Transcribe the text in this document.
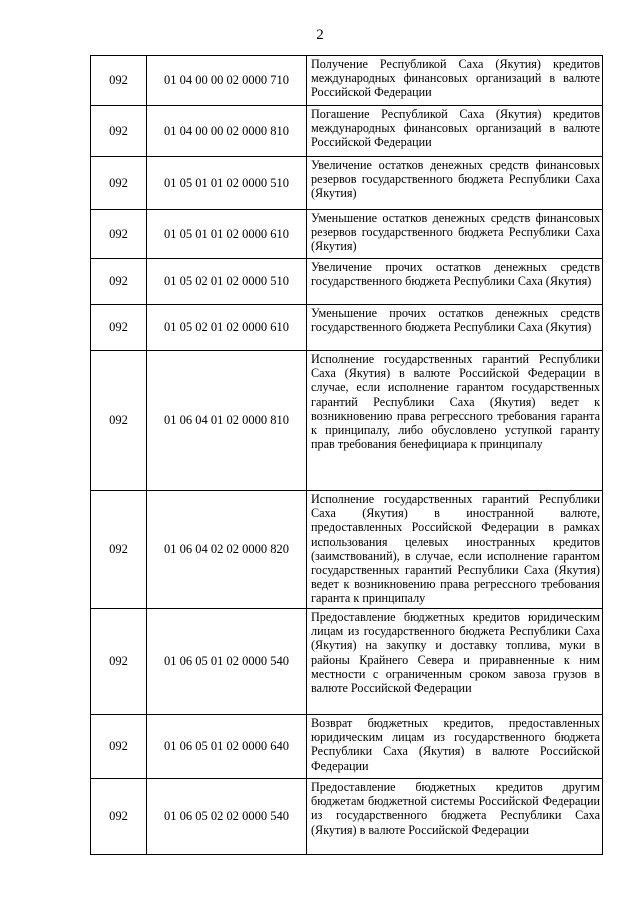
2
092	01 04 00 00 02 0000 710	Получение Республикой Саха (Якутия) кредитов международных финансовых организаций в валюте Российской Федерации
092	01 04 00 00 02 0000 810	Погашение Республикой Саха (Якутия) кредитов международных финансовых организаций в валюте Российской Федерации
092	01 05 01 01 02 0000 510	Увеличение остатков денежных средств финансовых резервов государственного бюджета Республики Саха (Якутия)
092	01 05 01 01 02 0000 610	Уменьшение остатков денежных средств финансовых резервов государственного бюджета Республики Саха (Якутия)
092	01 05 02 01 02 0000 510	Увеличение прочих остатков денежных средств государственного бюджета Республики Саха (Якутия)
092	01 05 02 01 02 0000 610	Уменьшение прочих остатков денежных средств государственного бюджета Республики Саха (Якутия)
092	01 06 04 01 02 0000 810	Исполнение государственных гарантий Республики Саха (Якутия) в валюте Российской Федерации в случае, если исполнение гарантом государственных гарантий Республики Саха (Якутия) ведет к возникновению права регрессного требования гаранта к принципалу, либо обусловлено уступкой гаранту прав требования бенефициара к принципалу
092	01 06 04 02 02 0000 820	Исполнение государственных гарантий Республики Саха (Якутия) в иностранной валюте, предоставленных Российской Федерации в рамках использования целевых иностранных кредитов (заимствований), в случае, если исполнение гарантом государственных гарантий Республики Саха (Якутия) ведет к возникновению права регрессного требования гаранта к принципалу
092	01 06 05 01 02 0000 540	Предоставление бюджетных кредитов юридическим лицам из государственного бюджета Республики Саха (Якутия) на закупку и доставку топлива, муки в районы Крайнего Севера и приравненные к ним местности с ограниченным сроком завоза грузов в валюте Российской Федерации
092	01 06 05 01 02 0000 640	Возврат бюджетных кредитов, предоставленных юридическим лицам из государственного бюджета Республики Саха (Якутия) в валюте Российской Федерации
092	01 06 05 02 02 0000 540	Предоставление бюджетных кредитов другим бюджетам бюджетной системы Российской Федерации из государственного бюджета Республики Саха (Якутия) в валюте Российской Федерации
